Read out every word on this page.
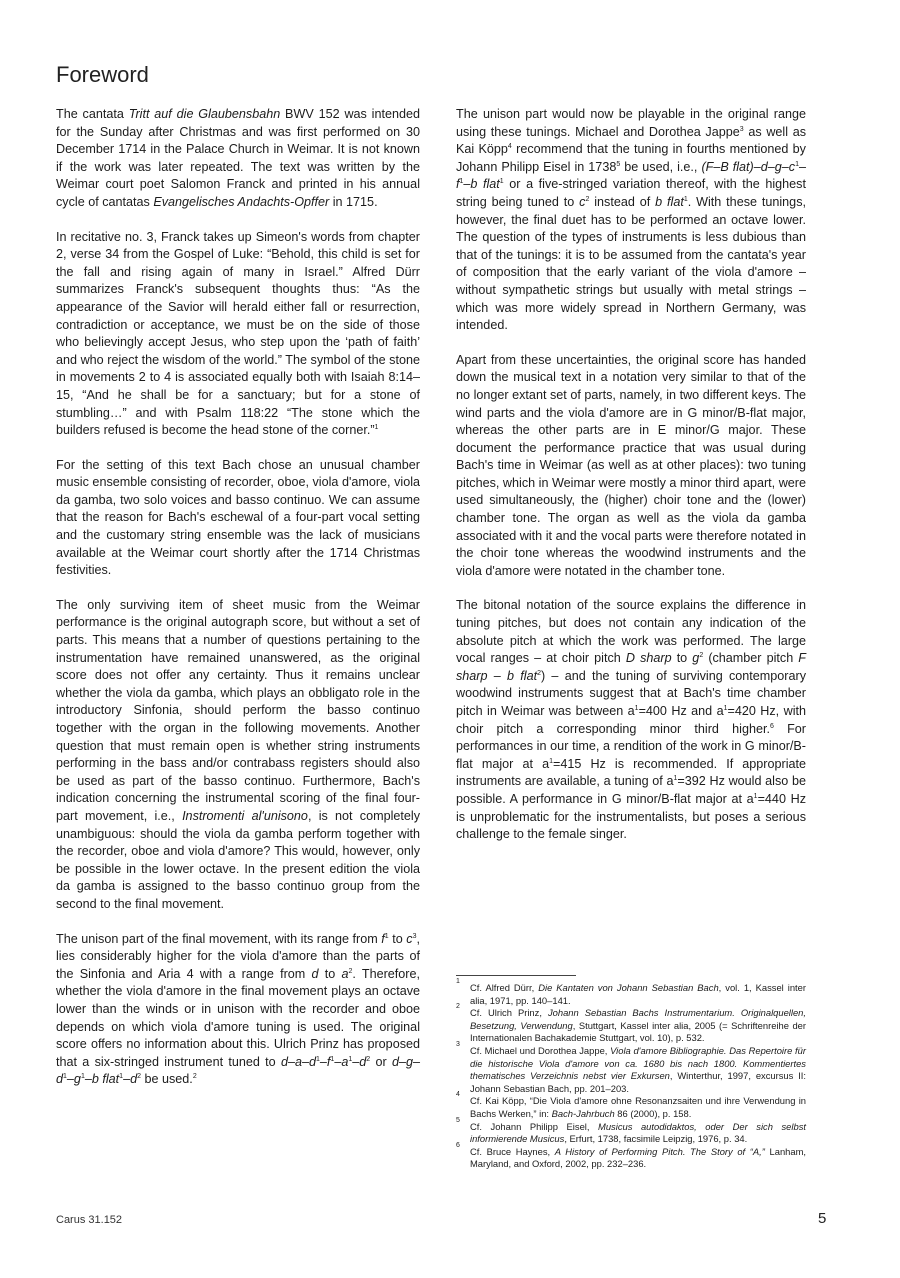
Foreword

The cantata Tritt auf die Glaubensbahn BWV 152 was intended for the Sunday after Christmas and was first performed on 30 December 1714 in the Palace Church in Weimar. It is not known if the work was later repeated. The text was written by the Weimar court poet Salomon Franck and printed in his annual cycle of cantatas Evangelisches Andachts-Opffer in 1715.

In recitative no. 3, Franck takes up Simeon's words from chapter 2, verse 34 from the Gospel of Luke: “Behold, this child is set for the fall and rising again of many in Israel.” Alfred Dürr summarizes Franck's subsequent thoughts thus: “As the appearance of the Savior will herald either fall or resurrection, contradiction or acceptance, we must be on the side of those who believingly accept Jesus, who step upon the ‘path of faith’ and who reject the wisdom of the world.” The symbol of the stone in movements 2 to 4 is associated equally both with Isaiah 8:14–15, “And he shall be for a sanctuary; but for a stone of stumbling…” and with Psalm 118:22 “The stone which the builders refused is become the head stone of the corner.”$^1$

For the setting of this text Bach chose an unusual chamber music ensemble consisting of recorder, oboe, viola d'amore, viola da gamba, two solo voices and basso continuo. We can assume that the reason for Bach's eschewal of a four-part vocal setting and the customary string ensemble was the lack of musicians available at the Weimar court shortly after the 1714 Christmas festivities.

The only surviving item of sheet music from the Weimar performance is the original autograph score, but without a set of parts. This means that a number of questions pertaining to the instrumentation have remained unanswered, as the original score does not offer any certainty. Thus it remains unclear whether the viola da gamba, which plays an obbligato role in the introductory Sinfonia, should perform the basso continuo together with the organ in the following movements. Another question that must remain open is whether string instruments performing in the bass and/or contrabass registers should also be used as part of the basso continuo. Furthermore, Bach's indication concerning the instrumental scoring of the final four-part movement, i.e., Instromenti al'unisono, is not completely unambiguous: should the viola da gamba perform together with the recorder, oboe and viola d'amore? This would, however, only be possible in the lower octave. In the present edition the viola da gamba is assigned to the basso continuo group from the second to the final movement.

The unison part of the final movement, with its range from $f^1$ to $c^3$, lies considerably higher for the viola d'amore than the parts of the Sinfonia and Aria 4 with a range from d to $a^2$. Therefore, whether the viola d'amore in the final movement plays an octave lower than the winds or in unison with the recorder and oboe depends on which viola d'amore tuning is used. The original score offers no information about this. Ulrich Prinz has proposed that a six-stringed instrument tuned to $d-a-d^1-f^1-a^1-d^2$ or $d-g-d^1-g^1-b$ $flat^1-d^2$ be used.$^2$

The unison part would now be playable in the original range using these tunings. Michael and Dorothea Jappe$^3$ as well as Kai Köpp$^4$ recommend that the tuning in fourths mentioned by Johann Philipp Eisel in 1738$^5$ be used, i.e., (F–B $flat)-d-g-c^1-f^1-b$ flat$^1$ or a five-stringed variation thereof, with the highest string being tuned to $c^2$ instead of b flat$^1$. With these tunings, however, the final duet has to be performed an octave lower. The question of the types of instruments is less dubious than that of the tunings: it is to be assumed from the cantata's year of composition that the early variant of the viola d'amore – without sympathetic strings but usually with metal strings – which was more widely spread in Northern Germany, was intended.

Apart from these uncertainties, the original score has handed down the musical text in a notation very similar to that of the no longer extant set of parts, namely, in two different keys. The wind parts and the viola d'amore are in G minor/B-flat major, whereas the other parts are in E minor/G major. These document the performance practice that was usual during Bach's time in Weimar (as well as at other places): two tuning pitches, which in Weimar were mostly a minor third apart, were used simultaneously, the (higher) choir tone and the (lower) chamber tone. The organ as well as the viola da gamba associated with it and the vocal parts were therefore notated in the choir tone whereas the woodwind instruments and the viola d'amore were notated in the chamber tone.

The bitonal notation of the source explains the difference in tuning pitches, but does not contain any indication of the absolute pitch at which the work was performed. The large vocal ranges – at choir pitch D sharp to $g^2$ (chamber pitch F sharp – b flat$^2$) – and the tuning of surviving contemporary woodwind instruments suggest that at Bach's time chamber pitch in Weimar was between $a^1=400$ Hz and $a^1=420$ Hz, with choir pitch a corresponding minor third higher.$^6$ For performances in our time, a rendition of the work in G minor/B-flat major at $a^1=415$ Hz is recommended. If appropriate instruments are available, a tuning of $a^1=392$ Hz would also be possible. A performance in G minor/B-flat major at $a^1=440$ Hz is unproblematic for the instrumentalists, but poses a serious challenge to the female singer.

1
Cf. Alfred Dürr, Die Kantaten von Johann Sebastian Bach, vol. 1, Kassel inter alia, 1971, pp. 140–141.
2
Cf. Ulrich Prinz, Johann Sebastian Bachs Instrumentarium. Originalquellen, Besetzung, Verwendung, Stuttgart, Kassel inter alia, 2005 (= Schriftenreihe der Internationalen Bachakademie Stuttgart, vol. 10), p. 532.
3
Cf. Michael und Dorothea Jappe, Viola d'amore Bibliographie. Das Repertoire für die historische Viola d'amore von ca. 1680 bis nach 1800. Kommentiertes thematisches Verzeichnis nebst vier Exkursen, Winterthur, 1997, excursus II: Johann Sebastian Bach, pp. 201–203.
4
Cf. Kai Köpp, “Die Viola d'amore ohne Resonanzsaiten und ihre Verwendung in Bachs Werken,” in: Bach-Jahrbuch 86 (2000), p. 158.
5
Cf. Johann Philipp Eisel, Musicus autodidaktos, oder Der sich selbst informierende Musicus, Erfurt, 1738, facsimile Leipzig, 1976, p. 34.
6
Cf. Bruce Haynes, A History of Performing Pitch. The Story of “A,” Lanham, Maryland, and Oxford, 2002, pp. 232–236.
Carus 31.152	5
